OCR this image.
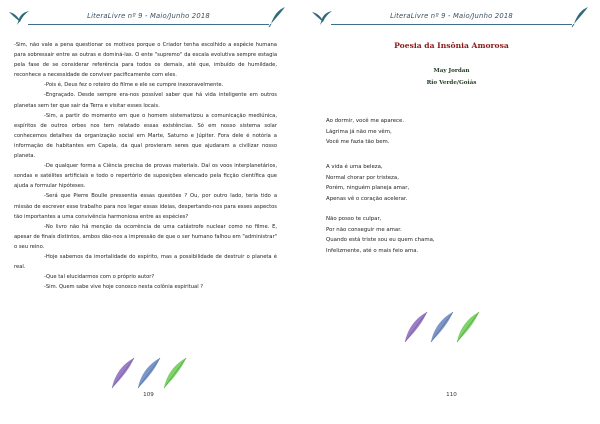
LiteraLivre nº 9 - Maio/Junho 2018

-Sim, não vale a pena questionar os motivos porque o Criador tenha escolhido a espécie humana para sobressair entre as outras e dominá-las. O ente "supremo" da escala evolutiva sempre estagia pela fase de se considerar referência para todos os demais, até que, imbuído de humildade, reconhece a necessidade de conviver pacificamente com eles.

-Pois é, Deus fez o roteiro do filme e ele se cumpre inexoravelmente.

-Engraçado. Desde sempre era-nos possível saber que há vida inteligente em outros planetas sem ter que sair da Terra e visitar esses locais.

-Sim, a partir do momento em que o homem sistematizou a comunicação mediúnica, espíritos de outros orbes nos tem relatado essas existências. Só em nosso sistema solar conhecemos detalhes da organização social em Marte, Saturno e Júpiter. Fora dele é notória a informação de habitantes em Capela, da qual provieram seres que ajudaram a civilizar nosso planeta.

-De qualquer forma a Ciência precisa de provas materiais. Daí os voos interplanetários, sondas e satélites artificiais e todo o repertório de suposições elencado pela ficção científica que ajuda a formular hipóteses.

-Será que Pierre Boulle pressentia essas questões ? Ou, por outro lado, teria tido a missão de escrever esse trabalho para nos legar essas ideias, despertando-nos para esses aspectos tão importantes a uma convivência harmoniosa entre as espécies?

-No livro não há menção da ocorrência de uma catástrofe nuclear como no filme. E, apesar de finais distintos, ambos dão-nos a impressão de que o ser humano falhou em "administrar" o seu reino.

-Hoje sabemos da imortalidade do espírito, mas a possibilidade de destruir o planeta é real.

-Que tal elucidarmos com o próprio autor?

-Sim. Quem sabe vive hoje conosco nesta colônia espiritual ?

109
LiteraLivre nº 9 - Maio/Junho 2018
Poesia da Insônia Amorosa
May Jordan
Rio Verde/Goiás
Ao dormir, você me aparece.
Lágrima já não me vêm,
Você me fazia tão bem.
A vida é uma beleza,
Normal chorar por tristeza,
Porém, ninguém planeja amar,
Apenas vê o coração acelerar.
Não posso te culpar,
Por não conseguir me amar.
Quando está triste sou eu quem chama,
Infelizmente, até o mais feio ama.
110
